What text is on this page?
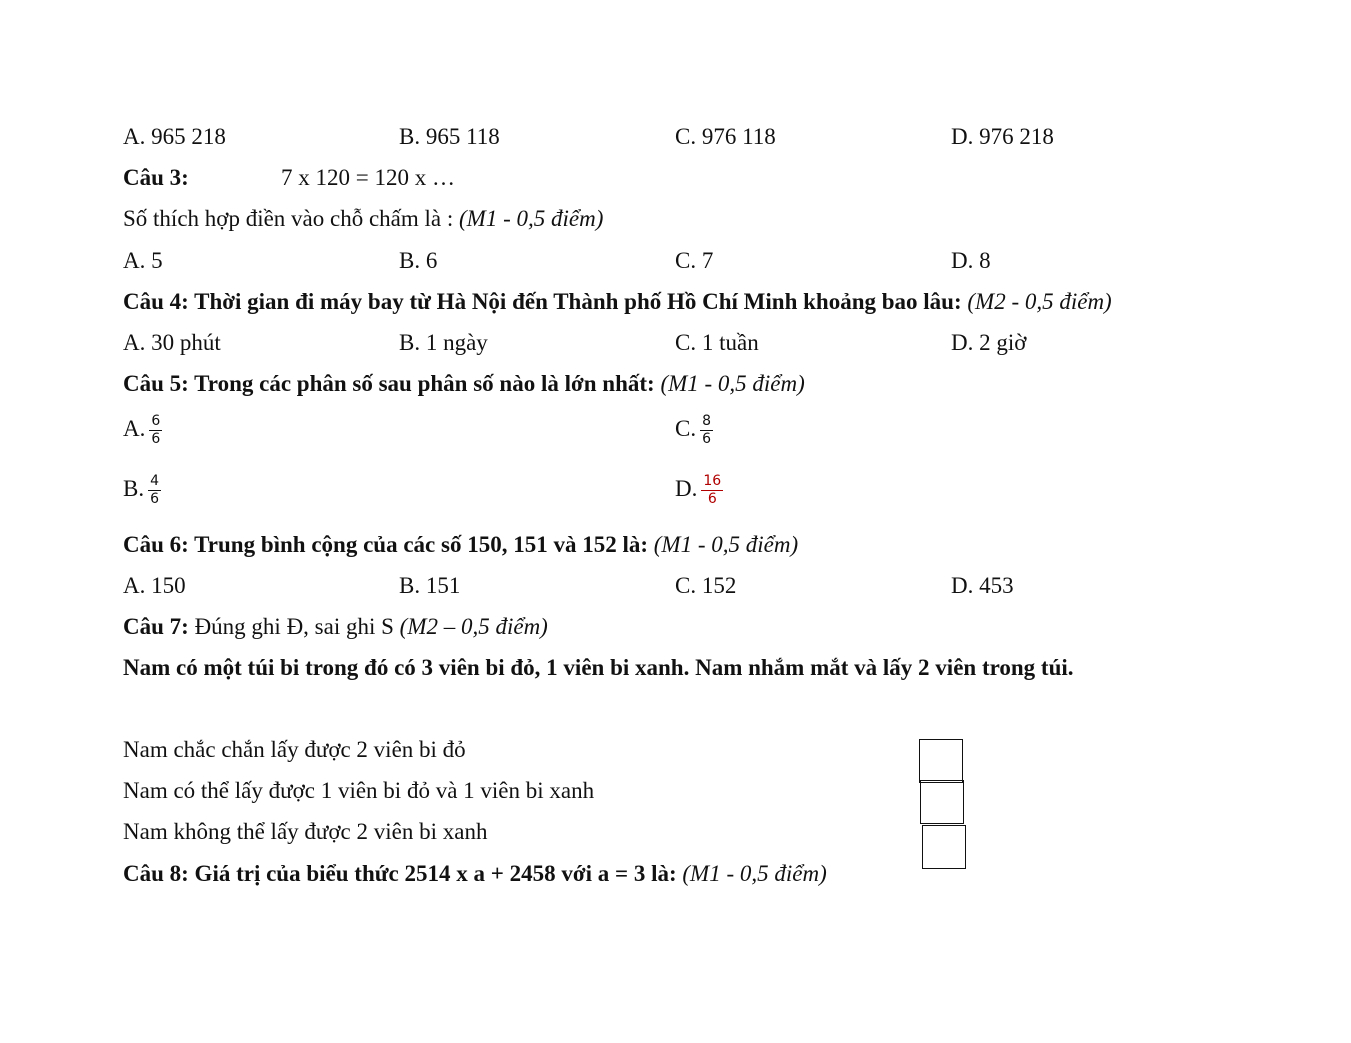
A. 965 218	B. 965 118	C. 976 118	D. 976 218
Câu 3:	7 x 120 = 120 x …
Số thích hợp điền vào chỗ chấm là : (M1 - 0,5 điểm)
A. 5	B. 6	C. 7	D. 8
Câu 4: Thời gian đi máy bay từ Hà Nội đến Thành phố Hồ Chí Minh khoảng bao lâu: (M2 - 0,5 điểm)
A. 30 phút	B. 1 ngày	C. 1 tuần	D. 2 giờ
Câu 5: Trong các phân số sau phân số nào là lớn nhất: (M1 - 0,5 điểm)
A. $\frac{6}{6}$	C. $\frac{8}{6}$
B. $\frac{4}{6}$	D. $\frac{16}{6}$
Câu 6: Trung bình cộng của các số 150, 151 và 152 là: (M1 - 0,5 điểm)
A. 150	B. 151	C. 152	D. 453
Câu 7: Đúng ghi Đ, sai ghi S (M2 – 0,5 điểm)
Nam có một túi bi trong đó có 3 viên bi đỏ, 1 viên bi xanh. Nam nhắm mắt và lấy 2 viên trong túi.
Nam chắc chắn lấy được 2 viên bi đỏ
Nam có thể lấy được 1 viên bi đỏ và 1 viên bi xanh
Nam không thể lấy được 2 viên bi xanh
Câu 8: Giá trị của biểu thức 2514 x a + 2458 với a = 3 là: (M1 - 0,5 điểm)
